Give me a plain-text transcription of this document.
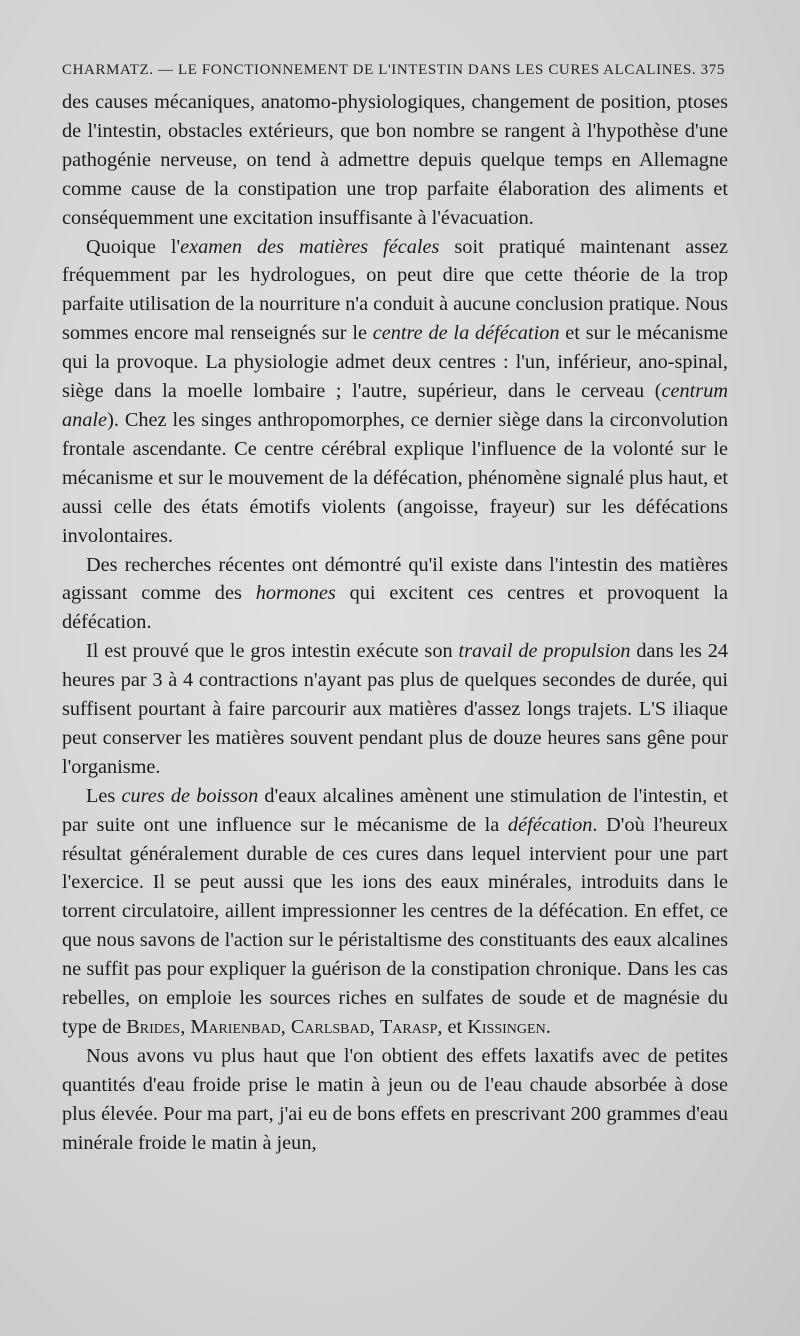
CHARMATZ. — LE FONCTIONNEMENT DE L'INTESTIN DANS LES CURES ALCALINES. 375

des causes mécaniques, anatomo-physiologiques, changement de position, ptoses de l'intestin, obstacles extérieurs, que bon nombre se rangent à l'hypothèse d'une pathogénie nerveuse, on tend à admettre depuis quelque temps en Allemagne comme cause de la constipation une trop parfaite élaboration des aliments et conséquemment une excitation insuffisante à l'évacuation.

Quoique l'examen des matières fécales soit pratiqué maintenant assez fréquemment par les hydrologues, on peut dire que cette théorie de la trop parfaite utilisation de la nourriture n'a conduit à aucune conclusion pratique. Nous sommes encore mal renseignés sur le centre de la défécation et sur le mécanisme qui la provoque. La physiologie admet deux centres : l'un, inférieur, ano-spinal, siège dans la moelle lombaire ; l'autre, supérieur, dans le cerveau (centrum anale). Chez les singes anthropomorphes, ce dernier siège dans la circonvolution frontale ascendante. Ce centre cérébral explique l'influence de la volonté sur le mécanisme et sur le mouvement de la défécation, phénomène signalé plus haut, et aussi celle des états émotifs violents (angoisse, frayeur) sur les défécations involontaires.

Des recherches récentes ont démontré qu'il existe dans l'intestin des matières agissant comme des hormones qui excitent ces centres et provoquent la défécation.

Il est prouvé que le gros intestin exécute son travail de propulsion dans les 24 heures par 3 à 4 contractions n'ayant pas plus de quelques secondes de durée, qui suffisent pourtant à faire parcourir aux matières d'assez longs trajets. L'S iliaque peut conserver les matières souvent pendant plus de douze heures sans gêne pour l'organisme.

Les cures de boisson d'eaux alcalines amènent une stimulation de l'intestin, et par suite ont une influence sur le mécanisme de la défécation. D'où l'heureux résultat généralement durable de ces cures dans lequel intervient pour une part l'exercice. Il se peut aussi que les ions des eaux minérales, introduits dans le torrent circulatoire, aillent impressionner les centres de la défécation. En effet, ce que nous savons de l'action sur le péristaltisme des constituants des eaux alcalines ne suffit pas pour expliquer la guérison de la constipation chronique. Dans les cas rebelles, on emploie les sources riches en sulfates de soude et de magnésie du type de Brides, Marienbad, Carlsbad, Tarasp, et Kissingen.

Nous avons vu plus haut que l'on obtient des effets laxatifs avec de petites quantités d'eau froide prise le matin à jeun ou de l'eau chaude absorbée à dose plus élevée. Pour ma part, j'ai eu de bons effets en prescrivant 200 grammes d'eau minérale froide le matin à jeun,
